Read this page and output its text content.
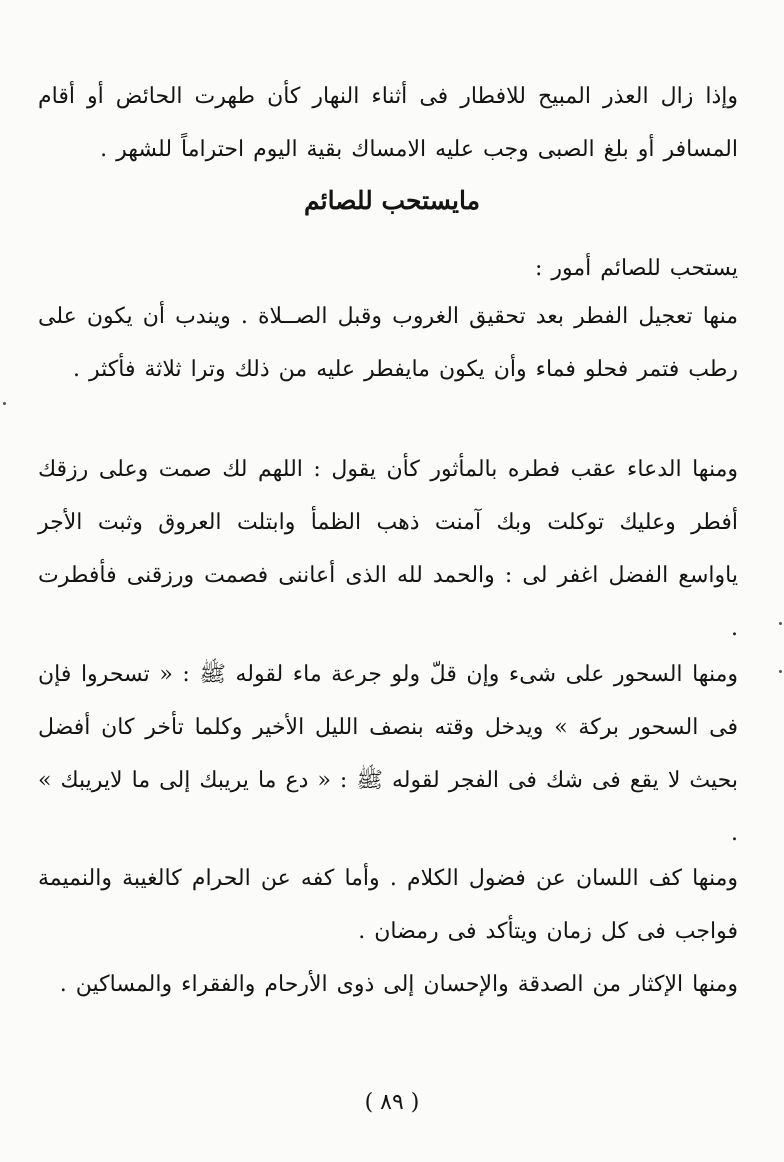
وإذا زال العذر المبيح للافطار فى أثناء النهار كأن طهرت الحائض أو أقام المسافر أو بلغ الصبى وجب عليه الامساك بقية اليوم احتراماً للشهر .

مايستحب للصائم

يستحب للصائم أمور :

منها تعجيل الفطر بعد تحقيق الغروب وقبل الصــلاة . ويندب أن يكون على رطب فتمر فحلو فماء وأن يكون مايفطر عليه من ذلك وترا ثلاثة فأكثر .

ومنها الدعاء عقب فطره بالمأثور كأن يقول : اللهم لك صمت وعلى رزقك أفطر وعليك توكلت وبك آمنت ذهب الظمأ وابتلت العروق وثبت الأجر ياواسع الفضل اغفر لى : والحمد لله الذى أعاننى فصمت ورزقنى فأفطرت .

ومنها السحور على شىء وإن قلّ ولو جرعة ماء لقوله ﷺ : « تسحروا فإن فى السحور بركة » ويدخل وقته بنصف الليل الأخير وكلما تأخر كان أفضل بحيث لا يقع فى شك فى الفجر لقوله ﷺ : « دع ما يريبك إلى ما لايريبك » .

ومنها كف اللسان عن فضول الكلام . وأما كفه عن الحرام كالغيبة والنميمة فواجب فى كل زمان ويتأكد فى رمضان .

ومنها الإكثار من الصدقة والإحسان إلى ذوى الأرحام والفقراء والمساكين .

( ٨٩ )
